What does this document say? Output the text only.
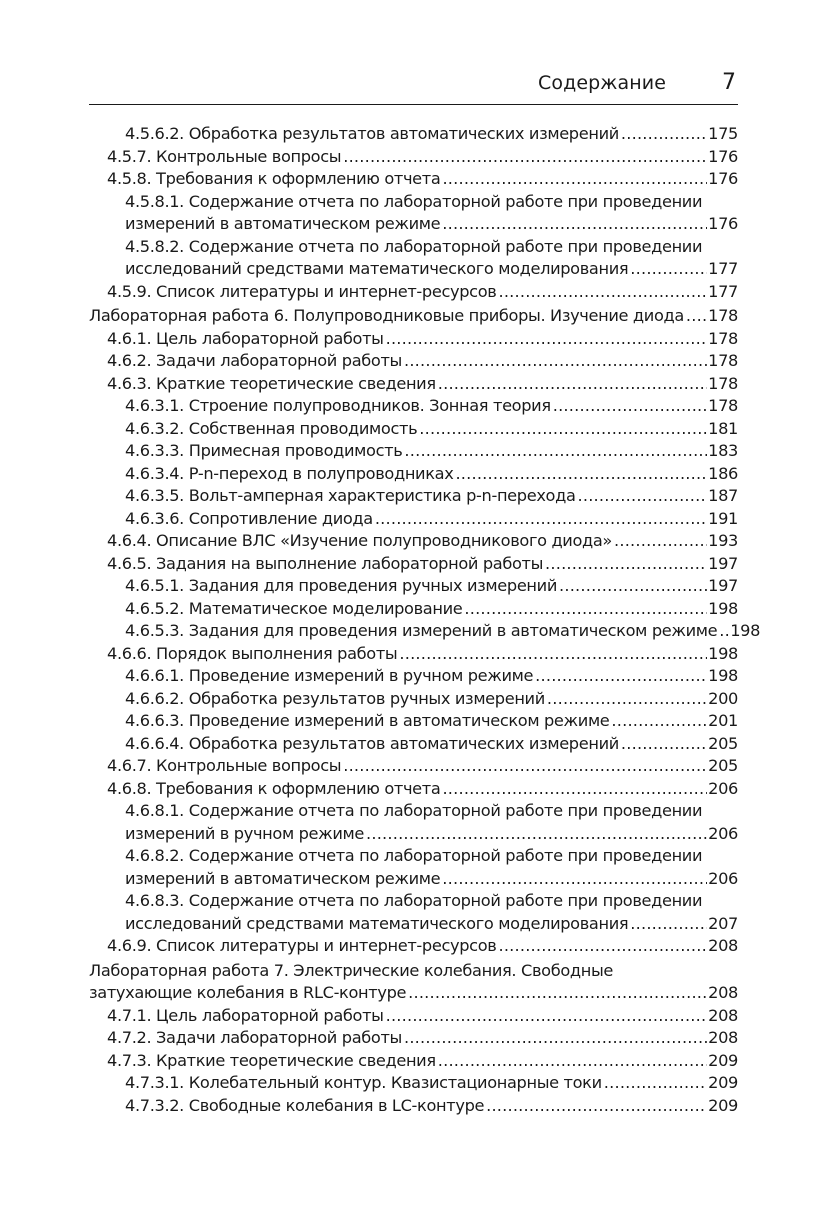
Содержание	7
4.5.6.2. Обработка результатов автоматических измерений .....	175
4.5.7. Контрольные вопросы .....	176
4.5.8. Требования к оформлению отчета .....	176
4.5.8.1. Содержание отчета по лабораторной работе при проведении
измерений в автоматическом режиме .....	176
4.5.8.2. Содержание отчета по лабораторной работе при проведении
исследований средствами математического моделирования .....	177
4.5.9. Список литературы и интернет-ресурсов .....	177
Лабораторная работа 6. Полупроводниковые приборы. Изучение диода ..... 178
4.6.1. Цель лабораторной работы .....	178
4.6.2. Задачи лабораторной работы .....	178
4.6.3. Краткие теоретические сведения .....	178
4.6.3.1. Строение полупроводников. Зонная теория .....	178
4.6.3.2. Собственная проводимость .....	181
4.6.3.3. Примесная проводимость .....	183
4.6.3.4. P-n-переход в полупроводниках .....	186
4.6.3.5. Вольт-амперная характеристика p-n-перехода .....	187
4.6.3.6. Сопротивление диода .....	191
4.6.4. Описание ВЛС «Изучение полупроводникового диода» .....	193
4.6.5. Задания на выполнение лабораторной работы .....	197
4.6.5.1. Задания для проведения ручных измерений .....	197
4.6.5.2. Математическое моделирование .....	198
4.6.5.3. Задания для проведения измерений в автоматическом режиме ..... 198
4.6.6. Порядок выполнения работы .....	198
4.6.6.1. Проведение измерений в ручном режиме .....	198
4.6.6.2. Обработка результатов ручных измерений .....	200
4.6.6.3. Проведение измерений в автоматическом режиме .....	201
4.6.6.4. Обработка результатов автоматических измерений .....	205
4.6.7. Контрольные вопросы .....	205
4.6.8. Требования к оформлению отчета .....	206
4.6.8.1. Содержание отчета по лабораторной работе при проведении
измерений в ручном режиме .....	206
4.6.8.2. Содержание отчета по лабораторной работе при проведении
измерений в автоматическом режиме .....	206
4.6.8.3. Содержание отчета по лабораторной работе при проведении
исследований средствами математического моделирования .....	207
4.6.9. Список литературы и интернет-ресурсов .....	208
Лабораторная работа 7. Электрические колебания. Свободные
затухающие колебания в RLC-контуре .....	208
4.7.1. Цель лабораторной работы .....	208
4.7.2. Задачи лабораторной работы .....	208
4.7.3. Краткие теоретические сведения .....	209
4.7.3.1. Колебательный контур. Квазистационарные токи .....	209
4.7.3.2. Свободные колебания в LC-контуре .....	209
